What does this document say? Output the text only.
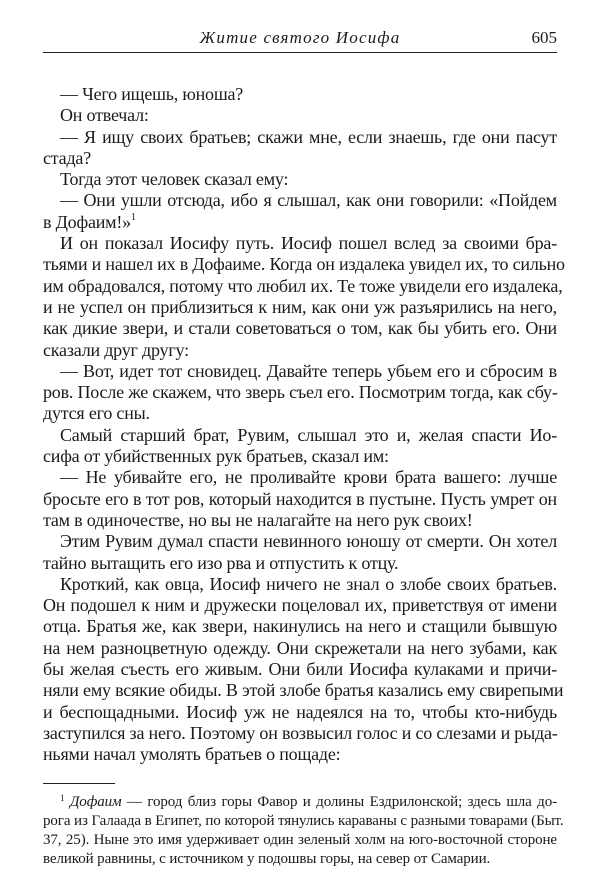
Житие святого Иосифа	605
— Чего ищешь, юноша?
Он отвечал:
— Я ищу своих братьев; скажи мне, если знаешь, где они пасут
стада?
Тогда этот человек сказал ему:
— Они ушли отсюда, ибо я слышал, как они говорили: «Пойдем
в Дофаим!»$^1$
И он показал Иосифу путь. Иосиф пошел вслед за своими бра-
тьями и нашел их в Дофаиме. Когда он издалека увидел их, то сильно
им обрадовался, потому что любил их. Те тоже увидели его издалека,
и не успел он приблизиться к ним, как они уж разъярились на него,
как дикие звери, и стали советоваться о том, как бы убить его. Они
сказали друг другу:
— Вот, идет тот сновидец. Давайте теперь убьем его и сбросим в
ров. После же скажем, что зверь съел его. Посмотрим тогда, как сбу-
дутся его сны.
Самый старший брат, Рувим, слышал это и, желая спасти Ио-
сифа от убийственных рук братьев, сказал им:
— Не убивайте его, не проливайте крови брата вашего: лучше
бросьте его в тот ров, который находится в пустыне. Пусть умрет он
там в одиночестве, но вы не налагайте на него рук своих!
Этим Рувим думал спасти невинного юношу от смерти. Он хотел
тайно вытащить его изо рва и отпустить к отцу.
Кроткий, как овца, Иосиф ничего не знал о злобе своих братьев.
Он подошел к ним и дружески поцеловал их, приветствуя от имени
отца. Братья же, как звери, накинулись на него и стащили бывшую
на нем разноцветную одежду. Они скрежетали на него зубами, как
бы желая съесть его живым. Они били Иосифа кулаками и причи-
няли ему всякие обиды. В этой злобе братья казались ему свирепыми
и беспощадными. Иосиф уж не надеялся на то, чтобы кто-нибудь
заступился за него. Поэтому он возвысил голос и со слезами и рыда-
ньями начал умолять братьев о пощаде:
$^1$ Дофаим — город близ горы Фавор и долины Ездрилонской; здесь шла до-
рога из Галаада в Египет, по которой тянулись караваны с разными товарами (Быт.
37, 25). Ныне это имя удерживает один зеленый холм на юго-восточной стороне
великой равнины, с источником у подошвы горы, на север от Самарии.
